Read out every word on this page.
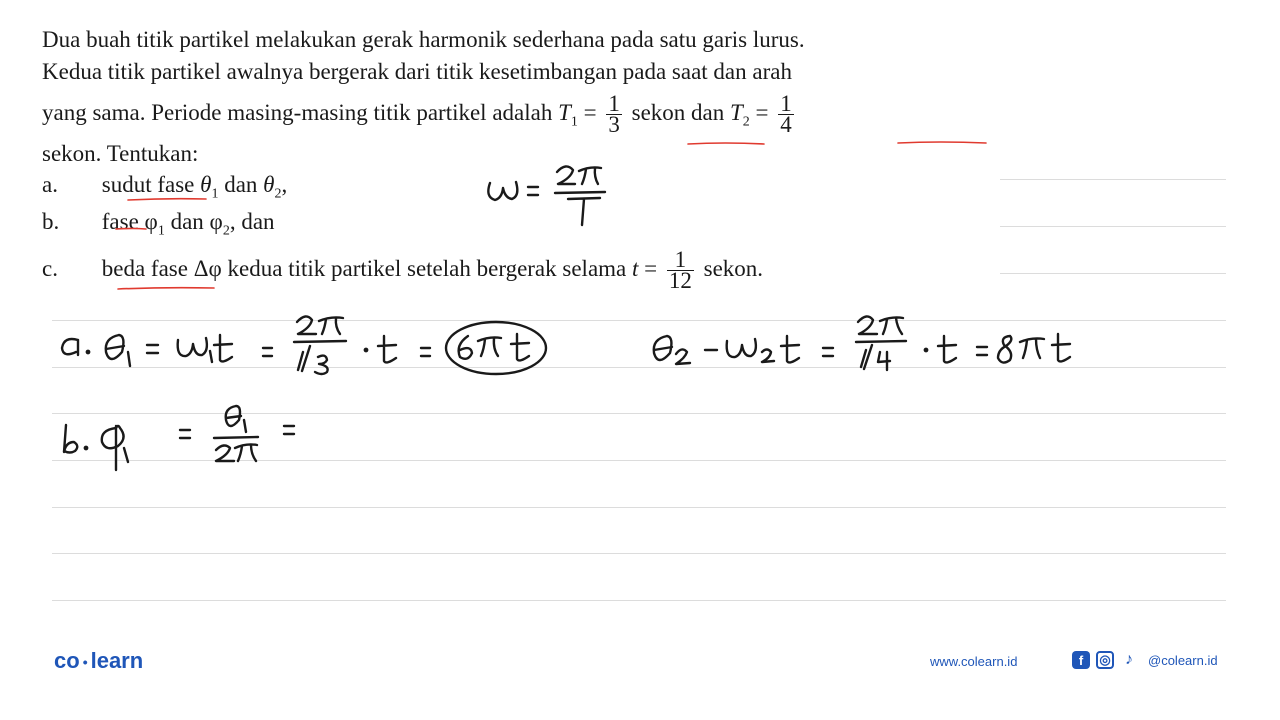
Dua buah titik partikel melakukan gerak harmonik sederhana pada satu garis lurus.
Kedua titik partikel awalnya bergerak dari titik kesetimbangan pada saat dan arah
yang sama. Periode masing-masing titik partikel adalah $T_1 = \frac{1}{3}$ sekon dan $T_2 = \frac{1}{4}$
sekon. Tentukan:
a. sudut fase $\theta_1$ dan $\theta_2$,
b. fase $\varphi_1$ dan $\varphi_2$, dan
c. beda fase Δφ kedua titik partikel setelah bergerak selama $t = \frac{1}{12}$ sekon.
co • learn	www.colearn.id	f	◎ ♪	@colearn.id
